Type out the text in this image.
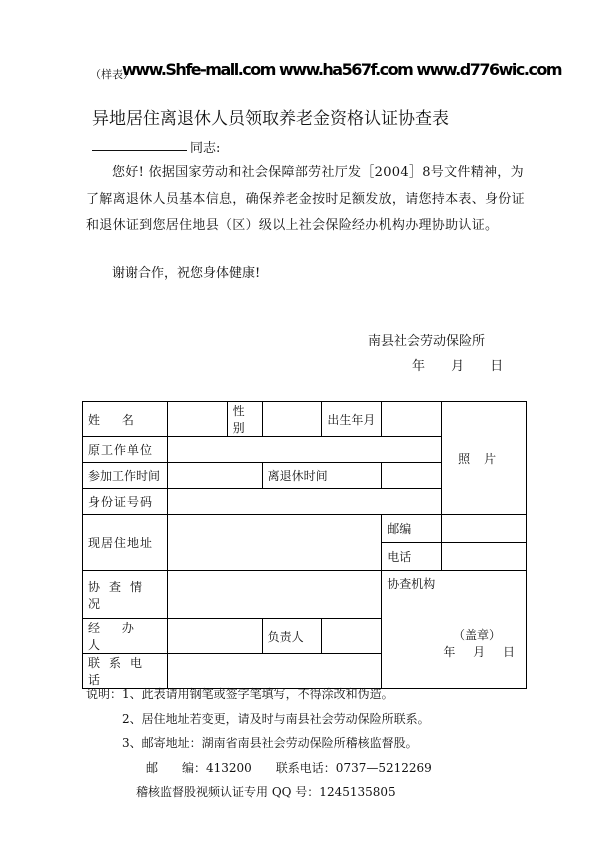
（样表）
www.Shfe-mall.com www.ha567f.com www.d776wic.com
异地居住离退休人员领取养老金资格认证协查表
同志:
您好! 依据国家劳动和社会保障部劳社厅发［2004］8号文件精神，为了解离退休人员基本信息，确保养老金按时足额发放，请您持本表、身份证和退休证到您居住地县（区）级以上社会保险经办机构办理协助认证。
谢谢合作，祝您身体健康!
南县社会劳动保险所
年 月 日
姓 名		性别		出生年月		照片
原工作单位						
参加工作时间			离退休时间			
身份证号码						
现居住地址					邮编	
					电话	
协查情况					协查机构
（盖章）
年 月 日	

经 办 人			负责人			
联系电话						
说明：1、此表请用钢笔或签字笔填写，不得涂改和伪造。
2、居住地址若变更，请及时与南县社会劳动保险所联系。
3、邮寄地址：湖南省南县社会劳动保险所稽核监督股。
邮　　编：413200　　联系电话：0737—5212269
稽核监督股视频认证专用 QQ 号：1245135805
